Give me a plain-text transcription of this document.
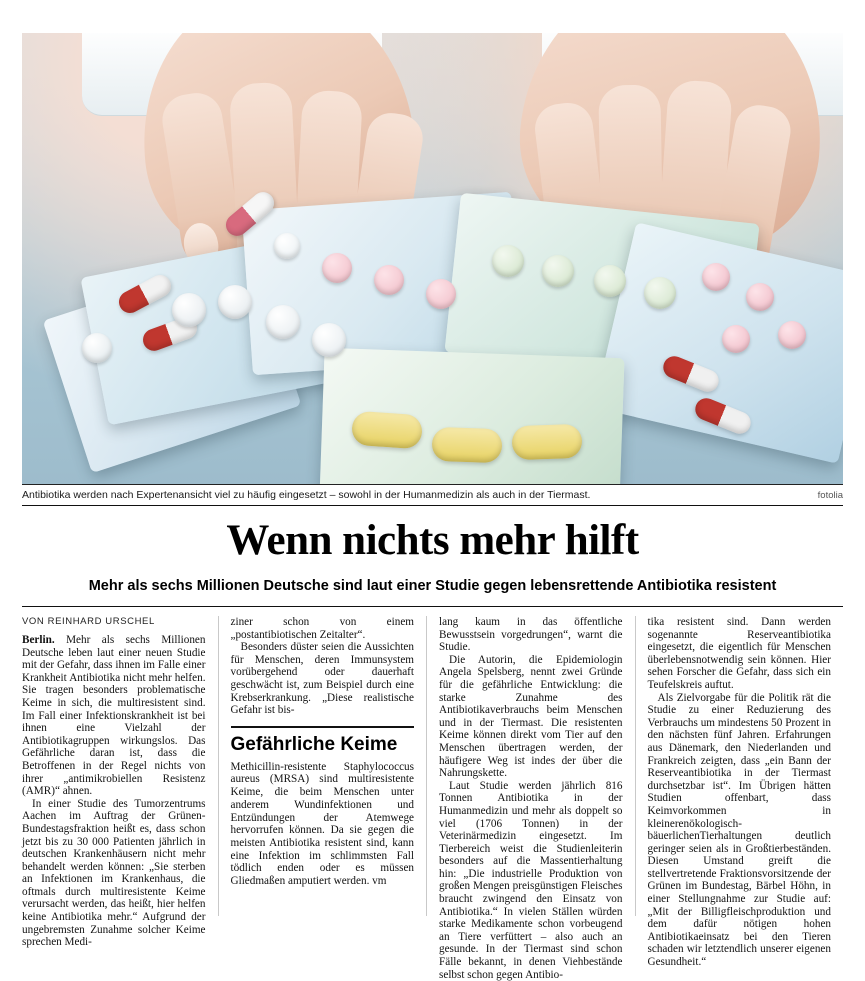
Antibiotika werden nach Expertenansicht viel zu häufig eingesetzt – sowohl in der Humanmedizin als auch in der Tiermast.	fotolia
Wenn nichts mehr hilft
Mehr als sechs Millionen Deutsche sind laut einer Studie gegen lebensrettende Antibiotika resistent
VON REINHARD URSCHEL

Berlin. Mehr als sechs Millionen Deutsche leben laut einer neuen Studie mit der Gefahr, dass ihnen im Falle einer Krankheit Antibiotika nicht mehr helfen. Sie tragen besonders problematische Keime in sich, die multiresistent sind. Im Fall einer Infektionskrankheit ist bei ihnen eine Vielzahl der Antibiotikagruppen wirkungslos. Das Gefährliche daran ist, dass die Betroffenen in der Regel nichts von ihrer „antimikrobiellen Resistenz (AMR)“ ahnen.

In einer Studie des Tumorzentrums Aachen im Auftrag der Grünen-Bundestagsfraktion heißt es, dass schon jetzt bis zu 30 000 Patienten jährlich in deutschen Krankenhäusern nicht mehr behandelt werden können: „Sie sterben an Infektionen im Krankenhaus, die oftmals durch multiresistente Keime verursacht werden, das heißt, hier helfen keine Antibiotika mehr.“ Aufgrund der ungebremsten Zunahme solcher Keime sprechen Medi-

ziner schon von einem „postantibiotischen Zeitalter“.

Besonders düster seien die Aussichten für Menschen, deren Immunsystem vorübergehend oder dauerhaft geschwächt ist, zum Beispiel durch eine Krebserkrankung. „Diese realistische Gefahr ist bis-

Gefährliche Keime

Methicillin-resistente Staphylococcus aureus (MRSA) sind multiresistente Keime, die beim Menschen unter anderem Wundinfektionen und Entzündungen der Atemwege hervorrufen können. Da sie gegen die meisten Antibiotika resistent sind, kann eine Infektion im schlimmsten Fall tödlich enden oder es müssen Gliedmaßen amputiert werden. vm

lang kaum in das öffentliche Bewusstsein vorgedrungen“, warnt die Studie.

Die Autorin, die Epidemiologin Angela Spelsberg, nennt zwei Gründe für die gefährliche Entwicklung: die starke Zunahme des Antibiotikaverbrauchs beim Menschen und in der Tiermast. Die resistenten Keime können direkt vom Tier auf den Menschen übertragen werden, der häufigere Weg ist indes der über die Nahrungskette.

Laut Studie werden jährlich 816 Tonnen Antibiotika in der Humanmedizin und mehr als doppelt so viel (1706 Tonnen) in der Veterinärmedizin eingesetzt. Im Tierbereich weist die Studienleiterin besonders auf die Massentierhaltung hin: „Die industrielle Produktion von großen Mengen preisgünstigen Fleisches braucht zwingend den Einsatz von Antibiotika.“ In vielen Ställen würden starke Medikamente schon vorbeugend an Tiere verfüttert – also auch an gesunde. In der Tiermast sind schon Fälle bekannt, in denen Viehbestände selbst schon gegen Antibio-

tika resistent sind. Dann werden sogenannte Reserveantibiotika eingesetzt, die eigentlich für Menschen überlebensnotwendig sein können. Hier sehen Forscher die Gefahr, dass sich ein Teufelskreis auftut.

Als Zielvorgabe für die Politik rät die Studie zu einer Reduzierung des Verbrauchs um mindestens 50 Prozent in den nächsten fünf Jahren. Erfahrungen aus Dänemark, den Niederlanden und Frankreich zeigten, dass „ein Bann der Reserveantibiotika in der Tiermast durchsetzbar ist“. Im Übrigen hätten Studien offenbart, dass Keimvorkommen in kleinerenökologisch-bäuerlichenTierhaltungen deutlich geringer seien als in Großtierbeständen. Diesen Umstand greift die stellvertretende Fraktionsvorsitzende der Grünen im Bundestag, Bärbel Höhn, in einer Stellungnahme zur Studie auf: „Mit der Billigfleischproduktion und dem dafür nötigen hohen Antibiotikaeinsatz bei den Tieren schaden wir letztendlich unserer eigenen Gesundheit.“
